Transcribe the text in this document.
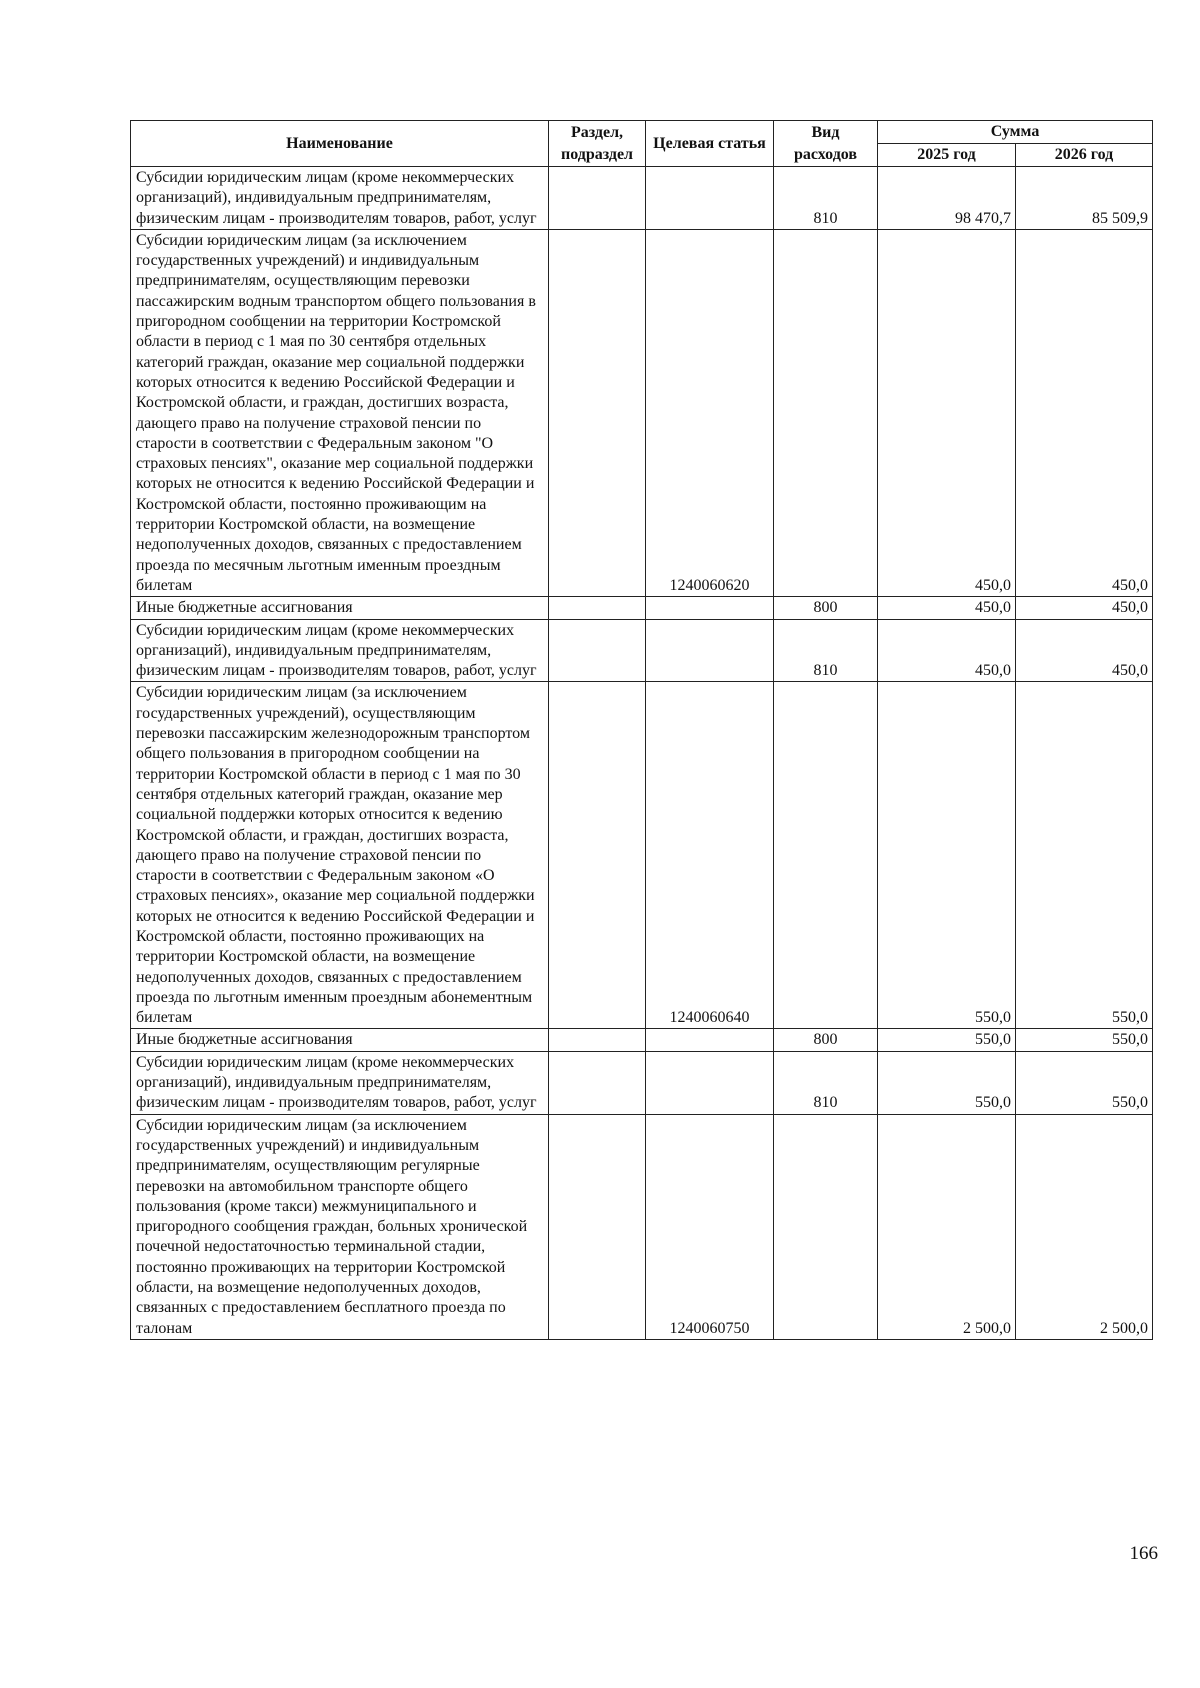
Наименование	Раздел, подраздел	Целевая статья	Вид расходов	Сумма	
				2025 год	2026 год
Субсидии юридическим лицам (кроме некоммерческих организаций), индивидуальным предпринимателям, физическим лицам - производителям товаров, работ, услуг			810	98 470,7	85 509,9
Субсидии юридическим лицам (за исключением государственных учреждений) и индивидуальным предпринимателям, осуществляющим перевозки пассажирским водным транспортом общего пользования в пригородном сообщении на территории Костромской области в период с 1 мая по 30 сентября отдельных категорий граждан, оказание мер социальной поддержки которых относится к ведению Российской Федерации и Костромской области, и граждан, достигших возраста, дающего право на получение страховой пенсии по старости в соответствии с Федеральным законом "О страховых пенсиях", оказание мер социальной поддержки которых не относится к ведению Российской Федерации и Костромской области, постоянно проживающим на территории Костромской области, на возмещение недополученных доходов, связанных с предоставлением проезда по месячным льготным именным проездным билетам		1240060620		450,0	450,0
Иные бюджетные ассигнования			800	450,0	450,0
Субсидии юридическим лицам (кроме некоммерческих организаций), индивидуальным предпринимателям, физическим лицам - производителям товаров, работ, услуг			810	450,0	450,0
Субсидии юридическим лицам (за исключением государственных учреждений), осуществляющим перевозки пассажирским железнодорожным транспортом общего пользования в пригородном сообщении на территории Костромской области в период с 1 мая по 30 сентября отдельных категорий граждан, оказание мер социальной поддержки которых относится к ведению Костромской области, и граждан, достигших возраста, дающего право на получение страховой пенсии по старости в соответствии с Федеральным законом «О страховых пенсиях», оказание мер социальной поддержки которых не относится к ведению Российской Федерации и Костромской области, постоянно проживающих на территории Костромской области, на возмещение недополученных доходов, связанных с предоставлением проезда по льготным именным проездным абонементным билетам		1240060640		550,0	550,0
Иные бюджетные ассигнования			800	550,0	550,0
Субсидии юридическим лицам (кроме некоммерческих организаций), индивидуальным предпринимателям, физическим лицам - производителям товаров, работ, услуг			810	550,0	550,0
Субсидии юридическим лицам (за исключением государственных учреждений) и индивидуальным предпринимателям, осуществляющим регулярные перевозки на автомобильном транспорте общего пользования (кроме такси) межмуниципального и пригородного сообщения граждан, больных хронической почечной недостаточностью терминальной стадии, постоянно проживающих на территории Костромской области, на возмещение недополученных доходов, связанных с предоставлением бесплатного проезда по талонам		1240060750		2 500,0	2 500,0
166
